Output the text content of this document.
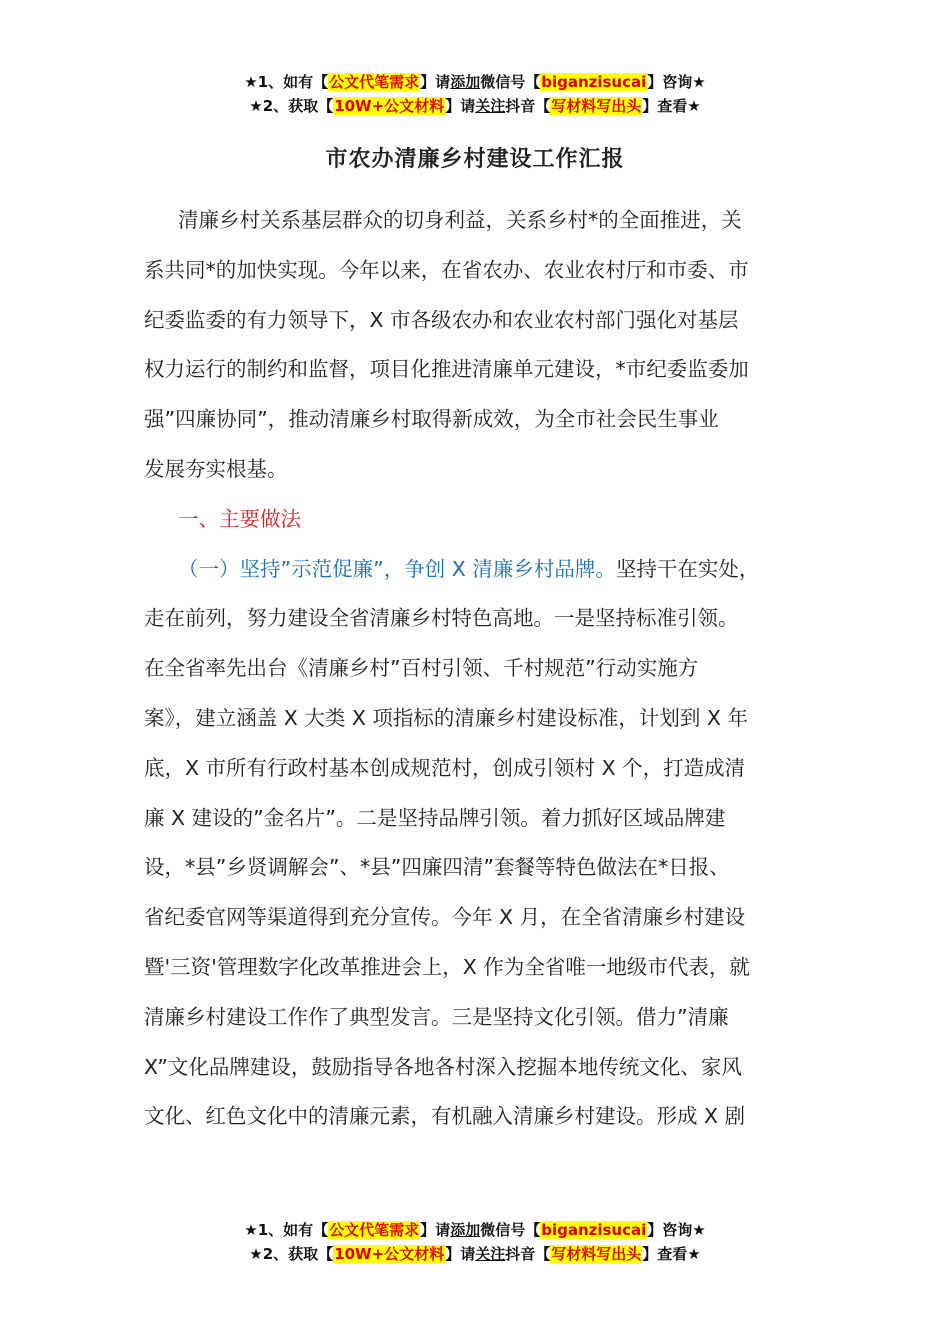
★1、如有【公文代笔需求】请添加微信号【biganzisucai】咨询★
★2、获取【10W+公文材料】请关注抖音【写材料写出头】查看★
市农办清廉乡村建设工作汇报
清廉乡村关系基层群众的切身利益，关系乡村*的全面推进，关
系共同*的加快实现。今年以来，在省农办、农业农村厅和市委、市
纪委监委的有力领导下，X 市各级农办和农业农村部门强化对基层
权力运行的制约和监督，项目化推进清廉单元建设，*市纪委监委加
强”四廉协同”，推动清廉乡村取得新成效，为全市社会民生事业
发展夯实根基。
一、主要做法
（一）坚持”示范促廉”，争创 X 清廉乡村品牌。坚持干在实处，
走在前列，努力建设全省清廉乡村特色高地。一是坚持标准引领。
在全省率先出台《清廉乡村”百村引领、千村规范”行动实施方
案》，建立涵盖 X 大类 X 项指标的清廉乡村建设标准，计划到 X 年
底，X 市所有行政村基本创成规范村，创成引领村 X 个，打造成清
廉 X 建设的”金名片”。二是坚持品牌引领。着力抓好区域品牌建
设，*县”乡贤调解会”、*县”四廉四清”套餐等特色做法在*日报、
省纪委官网等渠道得到充分宣传。今年 X 月，在全省清廉乡村建设
暨'三资'管理数字化改革推进会上，X 作为全省唯一地级市代表，就
清廉乡村建设工作作了典型发言。三是坚持文化引领。借力”清廉
X”文化品牌建设，鼓励指导各地各村深入挖掘本地传统文化、家风
文化、红色文化中的清廉元素，有机融入清廉乡村建设。形成 X 剧
★1、如有【公文代笔需求】请添加微信号【biganzisucai】咨询★
★2、获取【10W+公文材料】请关注抖音【写材料写出头】查看★
